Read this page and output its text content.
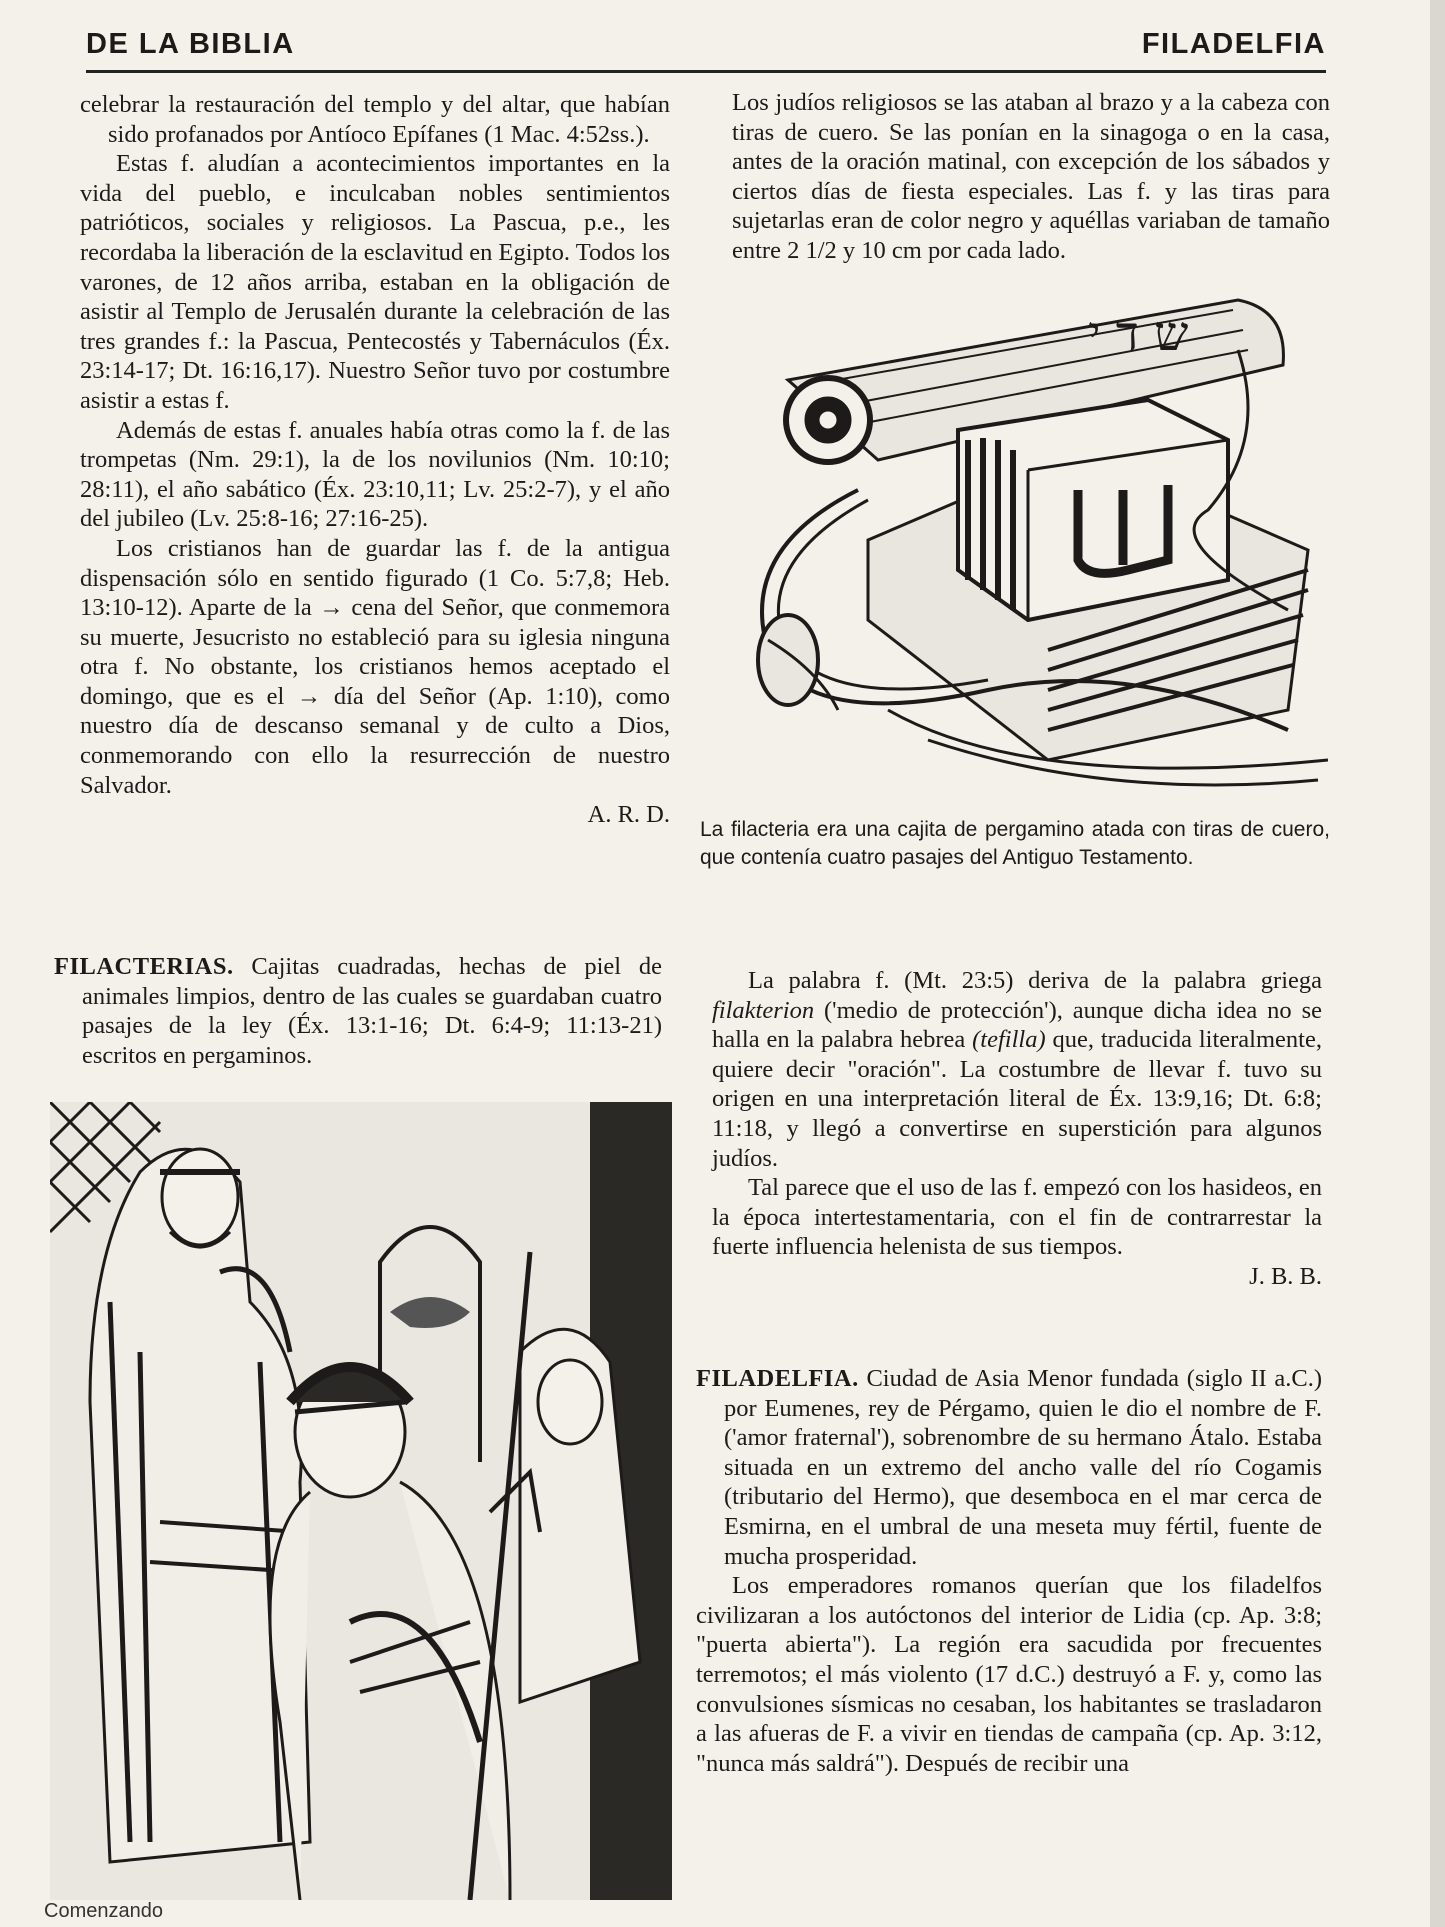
DE LA BIBLIA	FILADELFIA

celebrar la restauración del templo y del altar, que habían sido profanados por Antíoco Epífanes (1 Mac. 4:52ss.).

Estas f. aludían a acontecimientos importantes en la vida del pueblo, e inculcaban nobles sentimientos patrióticos, sociales y religiosos. La Pascua, p.e., les recordaba la liberación de la esclavitud en Egipto. Todos los varones, de 12 años arriba, estaban en la obligación de asistir al Templo de Jerusalén durante la celebración de las tres grandes f.: la Pascua, Pentecostés y Tabernáculos (Éx. 23:14-17; Dt. 16:16,17). Nuestro Señor tuvo por costumbre asistir a estas f.

Además de estas f. anuales había otras como la f. de las trompetas (Nm. 29:1), la de los novilunios (Nm. 10:10; 28:11), el año sabático (Éx. 23:10,11; Lv. 25:2-7), y el año del jubileo (Lv. 25:8-16; 27:16-25).

Los cristianos han de guardar las f. de la antigua dispensación sólo en sentido figurado (1 Co. 5:7,8; Heb. 13:10-12). Aparte de la → cena del Señor, que conmemora su muerte, Jesucristo no estableció para su iglesia ninguna otra f. No obstante, los cristianos hemos aceptado el domingo, que es el → día del Señor (Ap. 1:10), como nuestro día de descanso semanal y de culto a Dios, conmemorando con ello la resurrección de nuestro Salvador.

A. R. D.

FILACTERIAS. Cajitas cuadradas, hechas de piel de animales limpios, dentro de las cuales se guardaban cuatro pasajes de la ley (Éx. 13:1-16; Dt. 6:4-9; 11:13-21) escritos en pergaminos.

Los judíos religiosos se las ataban al brazo y a la cabeza con tiras de cuero. Se las ponían en la sinagoga o en la casa, antes de la oración matinal, con excepción de los sábados y ciertos días de fiesta especiales. Las f. y las tiras para sujetarlas eran de color negro y aquéllas variaban de tamaño entre 2 1/2 y 10 cm por cada lado.

ש ד י
La filacteria era una cajita de pergamino atada con tiras de cuero, que contenía cuatro pasajes del Antiguo Testamento.

La palabra f. (Mt. 23:5) deriva de la palabra griega filakterion ('medio de protección'), aunque dicha idea no se halla en la palabra hebrea (tefilla) que, traducida literalmente, quiere decir "oración". La costumbre de llevar f. tuvo su origen en una interpretación literal de Éx. 13:9,16; Dt. 6:8; 11:18, y llegó a convertirse en superstición para algunos judíos.

Tal parece que el uso de las f. empezó con los hasideos, en la época intertestamentaria, con el fin de contrarrestar la fuerte influencia helenista de sus tiempos.

J. B. B.

FILADELFIA. Ciudad de Asia Menor fundada (siglo II a.C.) por Eumenes, rey de Pérgamo, quien le dio el nombre de F. ('amor fraternal'), sobrenombre de su hermano Átalo. Estaba situada en un extremo del ancho valle del río Cogamis (tributario del Hermo), que desemboca en el mar cerca de Esmirna, en el umbral de una meseta muy fértil, fuente de mucha prosperidad.

Los emperadores romanos querían que los filadelfos civilizaran a los autóctonos del interior de Lidia (cp. Ap. 3:8; "puerta abierta"). La región era sacudida por frecuentes terremotos; el más violento (17 d.C.) destruyó a F. y, como las convulsiones sísmicas no cesaban, los habitantes se trasladaron a las afueras de F. a vivir en tiendas de campaña (cp. Ap. 3:12, "nunca más saldrá"). Después de recibir una

Comenzando
